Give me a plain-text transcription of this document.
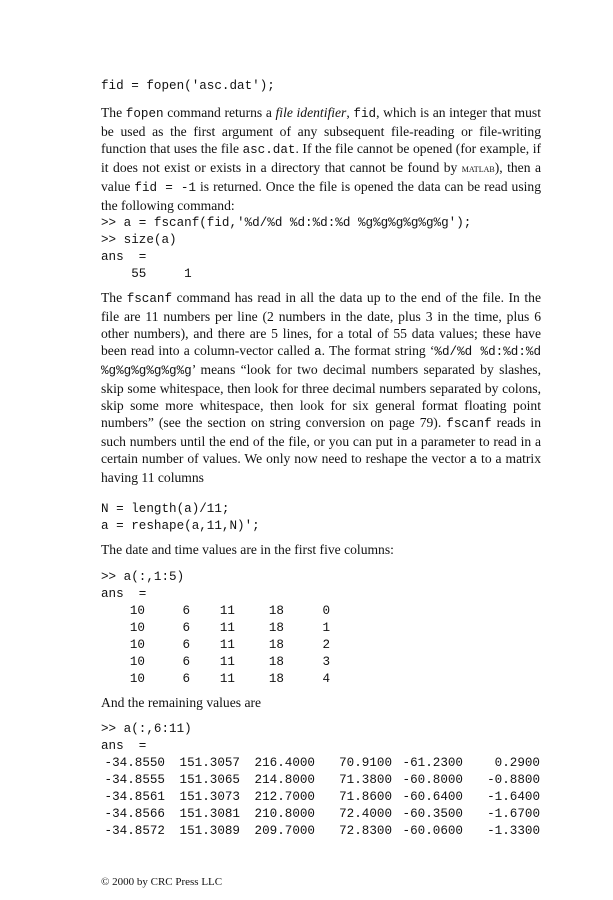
fid = fopen('asc.dat');

The fopen command returns a file identifier, fid, which is an integer that must be used as the first argument of any subsequent file-reading or file-writing function that uses the file asc.dat. If the file cannot be opened (for example, if it does not exist or exists in a directory that cannot be found by matlab), then a value fid = -1 is returned. Once the file is opened the data can be read using the following command:

>> a = fscanf(fid,'%d/%d %d:%d:%d %g%g%g%g%g%g');
>> size(a)
ans  =
55     1

The fscanf command has read in all the data up to the end of the file. In the file are 11 numbers per line (2 numbers in the date, plus 3 in the time, plus 6 other numbers), and there are 5 lines, for a total of 55 data values; these have been read into a column-vector called a. The format string ‘%d/%d %d:%d:%d %g%g%g%g%g%g’ means “look for two decimal numbers separated by slashes, skip some whitespace, then look for three decimal numbers separated by colons, skip some more whitespace, then look for six general format floating point numbers” (see the section on string conversion on page 79). fscanf reads in such numbers until the end of the file, or you can put in a parameter to read in a certain number of values. We only now need to reshape the vector a to a matrix having 11 columns

N = length(a)/11;
a = reshape(a,11,N)';

The date and time values are in the first five columns:

>> a(:,1:5)
ans  =
10	6	11	18	0
10	6	11	18	1
10	6	11	18	2
10	6	11	18	3
10	6	11	18	4

And the remaining values are

>> a(:,6:11)
ans  =
-34.8550	151.3057	216.4000	70.9100	-61.2300	0.2900
-34.8555	151.3065	214.8000	71.3800	-60.8000	-0.8800
-34.8561	151.3073	212.7000	71.8600	-60.6400	-1.6400
-34.8566	151.3081	210.8000	72.4000	-60.3500	-1.6700
-34.8572	151.3089	209.7000	72.8300	-60.0600	-1.3300
© 2000 by CRC Press LLC
